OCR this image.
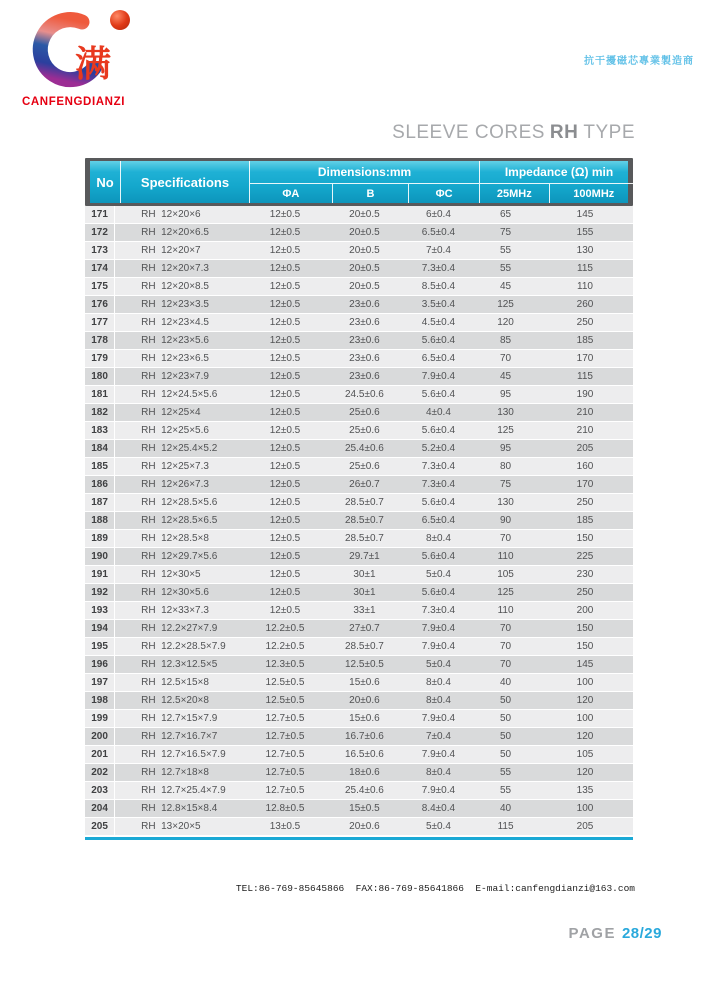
满
CANFENGDIANZI
抗干擾磁芯專業製造商
SLEEVE CORES RH TYPE
No	Specifications
Dimensions:mm
ΦA	B	ΦC
Impedance (Ω) min
25MHz	100MHz
171	RH  12×20×6	12±0.5	20±0.5	6±0.4	65	145
172	RH  12×20×6.5	12±0.5	20±0.5	6.5±0.4	75	155
173	RH  12×20×7	12±0.5	20±0.5	7±0.4	55	130
174	RH  12×20×7.3	12±0.5	20±0.5	7.3±0.4	55	115
175	RH  12×20×8.5	12±0.5	20±0.5	8.5±0.4	45	110
176	RH  12×23×3.5	12±0.5	23±0.6	3.5±0.4	125	260
177	RH  12×23×4.5	12±0.5	23±0.6	4.5±0.4	120	250
178	RH  12×23×5.6	12±0.5	23±0.6	5.6±0.4	85	185
179	RH  12×23×6.5	12±0.5	23±0.6	6.5±0.4	70	170
180	RH  12×23×7.9	12±0.5	23±0.6	7.9±0.4	45	115
181	RH  12×24.5×5.6	12±0.5	24.5±0.6	5.6±0.4	95	190
182	RH  12×25×4	12±0.5	25±0.6	4±0.4	130	210
183	RH  12×25×5.6	12±0.5	25±0.6	5.6±0.4	125	210
184	RH  12×25.4×5.2	12±0.5	25.4±0.6	5.2±0.4	95	205
185	RH  12×25×7.3	12±0.5	25±0.6	7.3±0.4	80	160
186	RH  12×26×7.3	12±0.5	26±0.7	7.3±0.4	75	170
187	RH  12×28.5×5.6	12±0.5	28.5±0.7	5.6±0.4	130	250
188	RH  12×28.5×6.5	12±0.5	28.5±0.7	6.5±0.4	90	185
189	RH  12×28.5×8	12±0.5	28.5±0.7	8±0.4	70	150
190	RH  12×29.7×5.6	12±0.5	29.7±1	5.6±0.4	110	225
191	RH  12×30×5	12±0.5	30±1	5±0.4	105	230
192	RH  12×30×5.6	12±0.5	30±1	5.6±0.4	125	250
193	RH  12×33×7.3	12±0.5	33±1	7.3±0.4	110	200
194	RH  12.2×27×7.9	12.2±0.5	27±0.7	7.9±0.4	70	150
195	RH  12.2×28.5×7.9	12.2±0.5	28.5±0.7	7.9±0.4	70	150
196	RH  12.3×12.5×5	12.3±0.5	12.5±0.5	5±0.4	70	145
197	RH  12.5×15×8	12.5±0.5	15±0.6	8±0.4	40	100
198	RH  12.5×20×8	12.5±0.5	20±0.6	8±0.4	50	120
199	RH  12.7×15×7.9	12.7±0.5	15±0.6	7.9±0.4	50	100
200	RH  12.7×16.7×7	12.7±0.5	16.7±0.6	7±0.4	50	120
201	RH  12.7×16.5×7.9	12.7±0.5	16.5±0.6	7.9±0.4	50	105
202	RH  12.7×18×8	12.7±0.5	18±0.6	8±0.4	55	120
203	RH  12.7×25.4×7.9	12.7±0.5	25.4±0.6	7.9±0.4	55	135
204	RH  12.8×15×8.4	12.8±0.5	15±0.5	8.4±0.4	40	100
205	RH  13×20×5	13±0.5	20±0.6	5±0.4	115	205
TEL:86-769-85645866  FAX:86-769-85641866  E-mail:canfengdianzi@163.com
PAGE 28/29
